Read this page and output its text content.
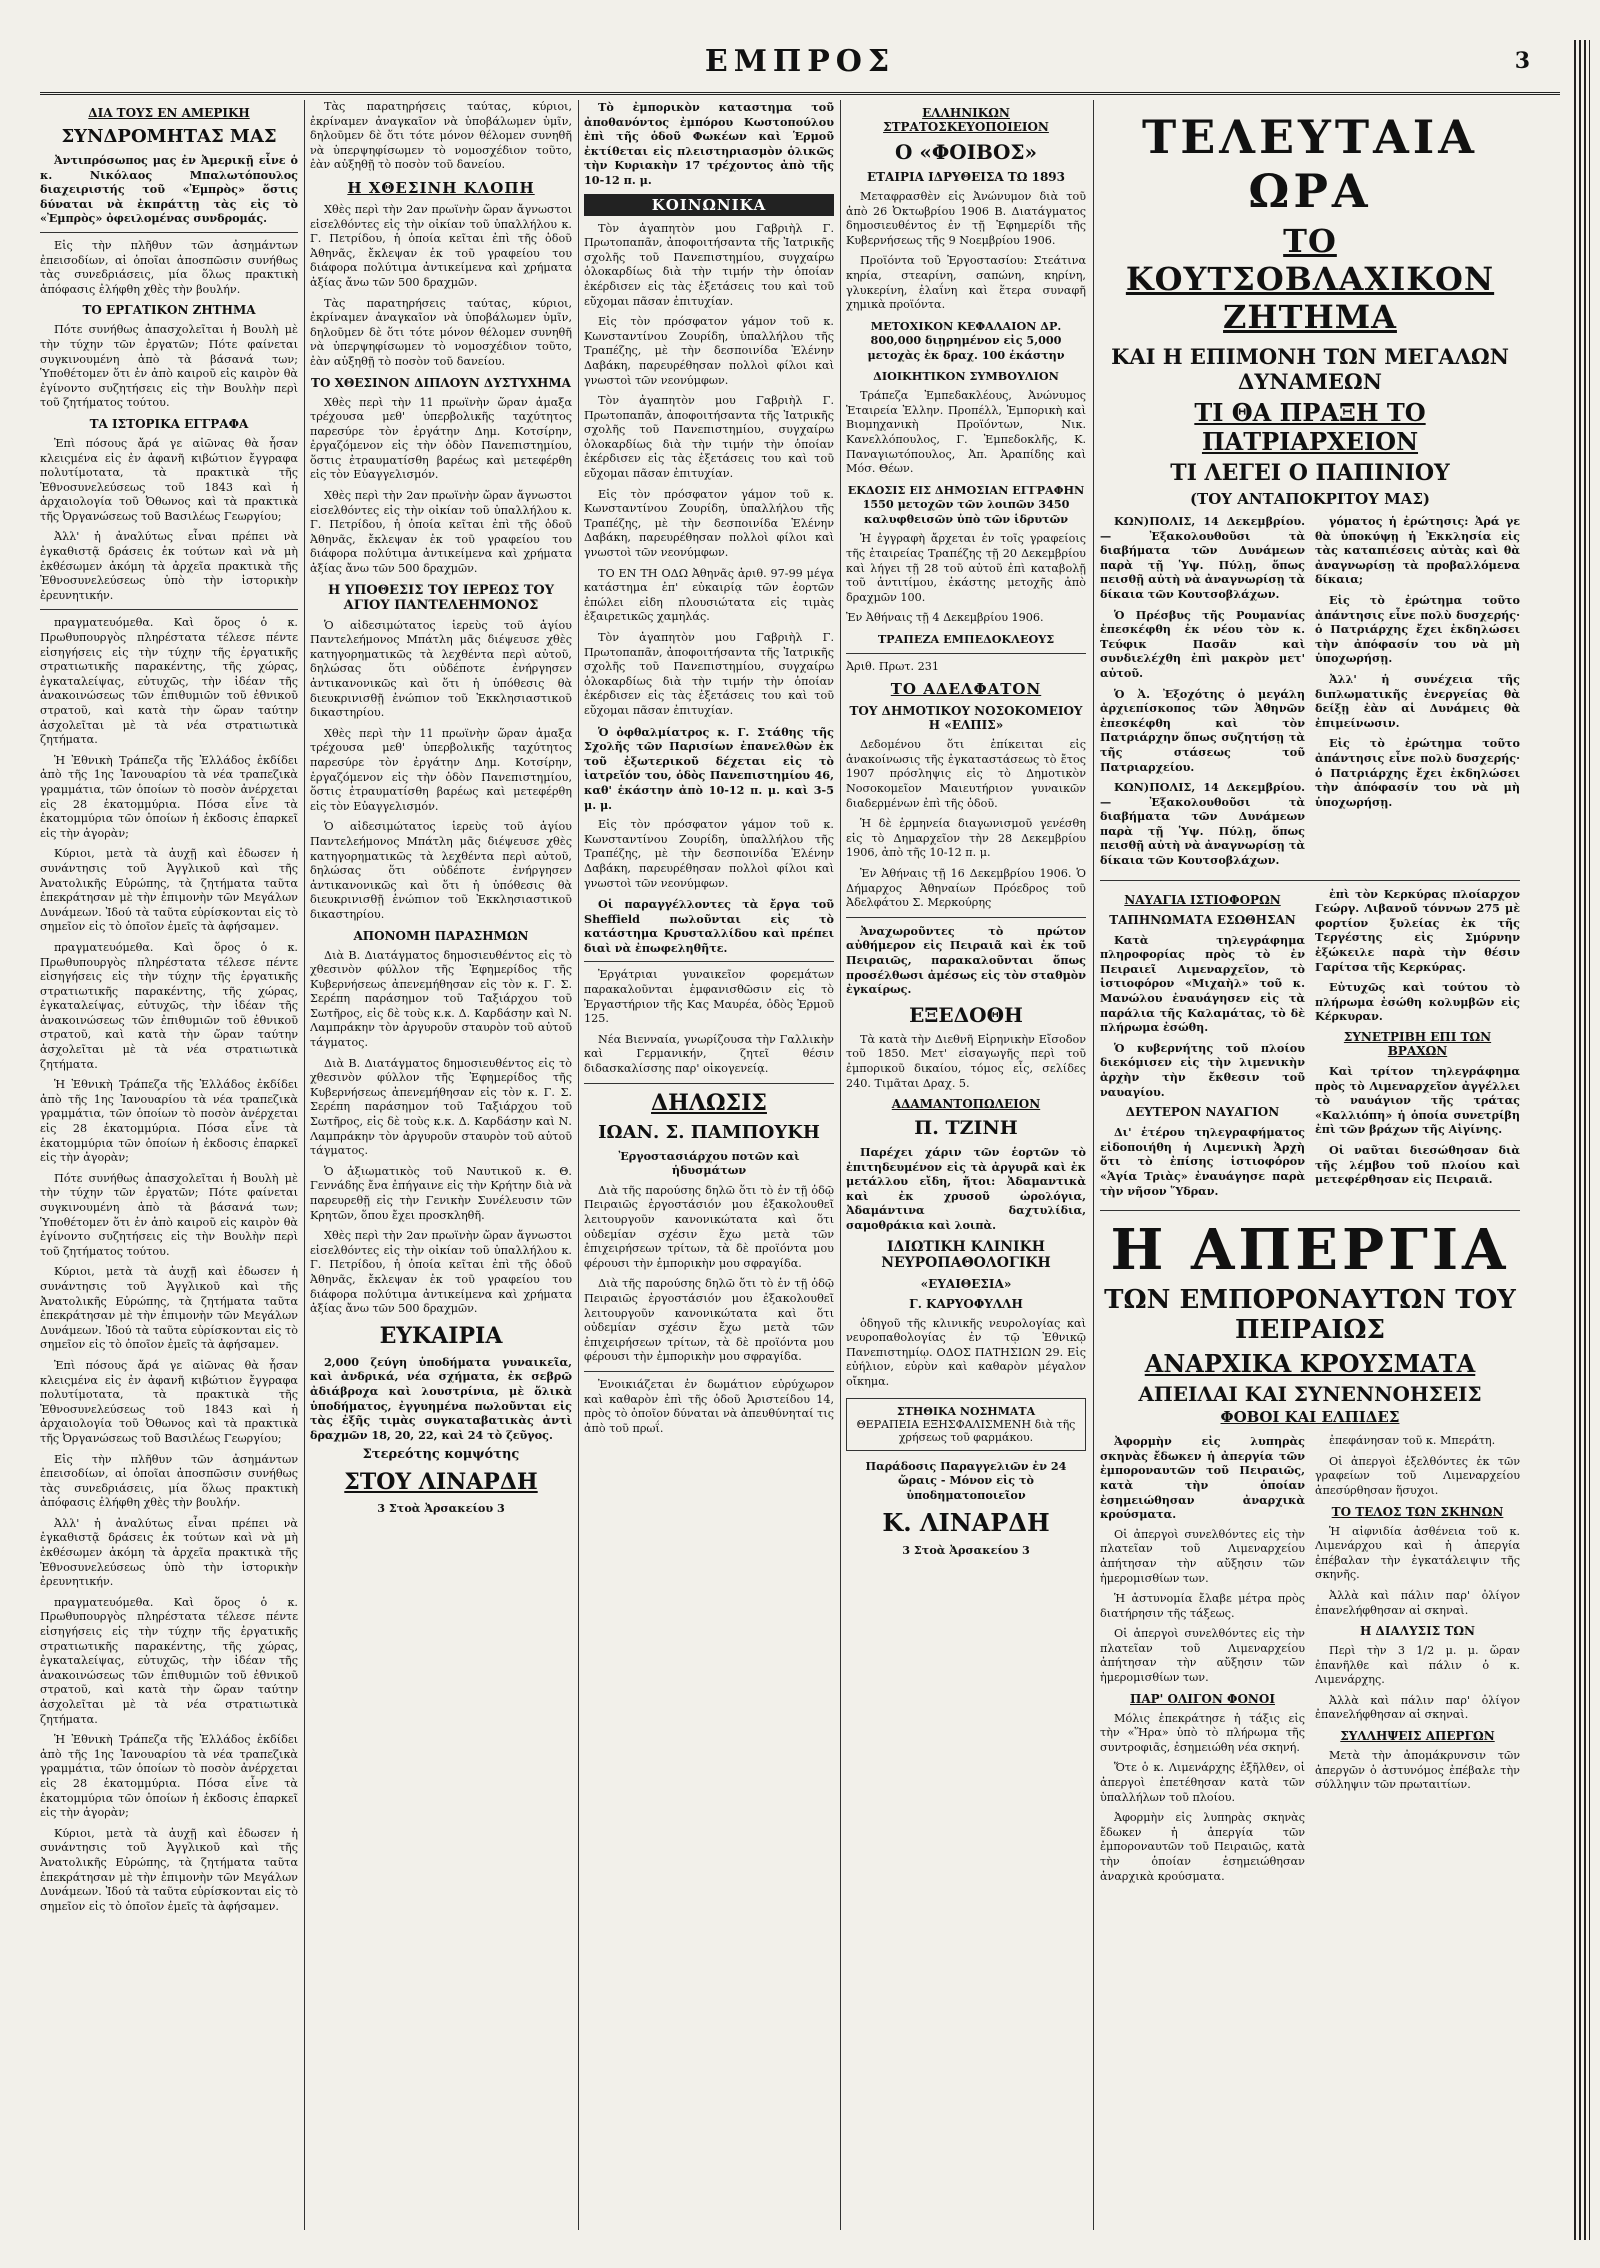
ΕΜΠΡΟΣ	3
ΔΙΑ ΤΟΥΣ ΕΝ ΑΜΕΡΙΚΗ
ΣΥΝΔΡΟΜΗΤΑΣ ΜΑΣ

Ἀντιπρόσωπος μας ἐν Ἀμερικῇ εἶνε ὁ κ. Νικόλαος Μπαλωτόπουλος διαχειριστής τοῦ «Ἐμπρὸς» ὅστις δύναται νὰ ἐκπράττῃ τὰς εἰς τὸ «Ἐμπρὸς» ὀφειλομένας συνδρομάς.

Εἰς τὴν πλῆθυν τῶν ἀσημάντων ἐπεισοδίων, αἱ ὁποῖαι ἀποσπῶσιν συνήθως τὰς συνεδριάσεις, μία ὅλως πρακτικὴ ἀπόφασις ἐλήφθη χθὲς τὴν βουλήν.

ΤΟ ΕΡΓΑΤΙΚΟΝ ΖΗΤΗΜΑ

Πότε συνήθως ἀπασχολεῖται ἡ Βουλὴ μὲ τὴν τύχην τῶν ἐργατῶν; Πότε φαίνεται συγκινουμένη ἀπὸ τὰ βάσανά των; Ὑποθέτομεν ὅτι ἐν ἀπὸ καιροῦ εἰς καιρὸν θὰ ἐγίνοντο συζητήσεις εἰς τὴν Βουλὴν περὶ τοῦ ζητήματος τούτου.

ΤΑ ΙΣΤΟΡΙΚΑ ΕΓΓΡΑΦΑ

Ἐπὶ πόσους ἄρά γε αἰῶνας θὰ ἦσαν κλειςμένα εἰς ἐν ἀφανῆ κιβώτιον ἔγγραφα πολυτίμοτατα, τὰ πρακτικὰ τῆς Ἐθνοσυνελεύσεως τοῦ 1843 καὶ ἡ ἀρχαιολογία τοῦ Ὀθωνος καὶ τὰ πρακτικὰ τῆς Ὀργανώσεως τοῦ Βασιλέως Γεωργίου;

Ἀλλ' ἡ ἀναλύτως εἶναι πρέπει νὰ ἐγκαθιστᾷ δράσεις ἐκ τούτων καὶ νὰ μὴ ἐκθέσωμεν ἀκόμη τὰ ἀρχεῖα πρακτικὰ τῆς Ἐθνοσυνελεύσεως ὑπὸ τὴν ἱστορικὴν ἐρευνητικήν.

πραγματευόμεθα. Καὶ ὅρος ὁ κ. Πρωθυπουργὸς πληρέστατα τέλεσε πέντε εἰσηγήσεις εἰς τὴν τύχην τῆς ἐργατικῆς στρατιωτικῆς παρακέντης, τῆς χώρας, ἐγκαταλείψας, εὐτυχῶς, τὴν ἰδέαν τῆς ἀνακοινώσεως τῶν ἐπιθυμιῶν τοῦ ἐθνικοῦ στρατοῦ, καὶ κατὰ τὴν ὥραν ταύτην ἀσχολεῖται μὲ τὰ νέα στρατιωτικὰ ζητήματα.

Ἡ Ἐθνικὴ Τράπεζα τῆς Ἑλλάδος ἐκδίδει ἀπὸ τῆς 1ης Ἰανουαρίου τὰ νέα τραπεζικὰ γραμμάτια, τῶν ὁποίων τὸ ποσὸν ἀνέρχεται εἰς 28 ἑκατομμύρια. Πόσα εἶνε τὰ ἑκατομμύρια τῶν ὁποίων ἡ ἐκδοσις ἐπαρκεῖ εἰς τὴν ἀγορὰν;

Κύριοι, μετὰ τὰ ἀυχῇ καὶ ἐδωσεν ἡ συνάντησις τοῦ Ἀγγλικοῦ καὶ τῆς Ἀνατολικῆς Εὐρώπης, τὰ ζητήματα ταῦτα ἐπεκράτησαν μὲ τὴν ἐπιμονὴν τῶν Μεγάλων Δυνάμεων. Ἰδού τὰ ταῦτα εὑρίσκονται εἰς τὸ σημεῖον εἰς τὸ ὁποῖον ἐμεῖς τὰ ἀφήσαμεν.

πραγματευόμεθα. Καὶ ὅρος ὁ κ. Πρωθυπουργὸς πληρέστατα τέλεσε πέντε εἰσηγήσεις εἰς τὴν τύχην τῆς ἐργατικῆς στρατιωτικῆς παρακέντης, τῆς χώρας, ἐγκαταλείψας, εὐτυχῶς, τὴν ἰδέαν τῆς ἀνακοινώσεως τῶν ἐπιθυμιῶν τοῦ ἐθνικοῦ στρατοῦ, καὶ κατὰ τὴν ὥραν ταύτην ἀσχολεῖται μὲ τὰ νέα στρατιωτικὰ ζητήματα.

Ἡ Ἐθνικὴ Τράπεζα τῆς Ἑλλάδος ἐκδίδει ἀπὸ τῆς 1ης Ἰανουαρίου τὰ νέα τραπεζικὰ γραμμάτια, τῶν ὁποίων τὸ ποσὸν ἀνέρχεται εἰς 28 ἑκατομμύρια. Πόσα εἶνε τὰ ἑκατομμύρια τῶν ὁποίων ἡ ἐκδοσις ἐπαρκεῖ εἰς τὴν ἀγορὰν;

Πότε συνήθως ἀπασχολεῖται ἡ Βουλὴ μὲ τὴν τύχην τῶν ἐργατῶν; Πότε φαίνεται συγκινουμένη ἀπὸ τὰ βάσανά των; Ὑποθέτομεν ὅτι ἐν ἀπὸ καιροῦ εἰς καιρὸν θὰ ἐγίνοντο συζητήσεις εἰς τὴν Βουλὴν περὶ τοῦ ζητήματος τούτου.

Κύριοι, μετὰ τὰ ἀυχῇ καὶ ἐδωσεν ἡ συνάντησις τοῦ Ἀγγλικοῦ καὶ τῆς Ἀνατολικῆς Εὐρώπης, τὰ ζητήματα ταῦτα ἐπεκράτησαν μὲ τὴν ἐπιμονὴν τῶν Μεγάλων Δυνάμεων. Ἰδού τὰ ταῦτα εὑρίσκονται εἰς τὸ σημεῖον εἰς τὸ ὁποῖον ἐμεῖς τὰ ἀφήσαμεν.

Ἐπὶ πόσους ἄρά γε αἰῶνας θὰ ἦσαν κλειςμένα εἰς ἐν ἀφανῆ κιβώτιον ἔγγραφα πολυτίμοτατα, τὰ πρακτικὰ τῆς Ἐθνοσυνελεύσεως τοῦ 1843 καὶ ἡ ἀρχαιολογία τοῦ Ὀθωνος καὶ τὰ πρακτικὰ τῆς Ὀργανώσεως τοῦ Βασιλέως Γεωργίου;

Εἰς τὴν πλῆθυν τῶν ἀσημάντων ἐπεισοδίων, αἱ ὁποῖαι ἀποσπῶσιν συνήθως τὰς συνεδριάσεις, μία ὅλως πρακτικὴ ἀπόφασις ἐλήφθη χθὲς τὴν βουλήν.

Ἀλλ' ἡ ἀναλύτως εἶναι πρέπει νὰ ἐγκαθιστᾷ δράσεις ἐκ τούτων καὶ νὰ μὴ ἐκθέσωμεν ἀκόμη τὰ ἀρχεῖα πρακτικὰ τῆς Ἐθνοσυνελεύσεως ὑπὸ τὴν ἱστορικὴν ἐρευνητικήν.

πραγματευόμεθα. Καὶ ὅρος ὁ κ. Πρωθυπουργὸς πληρέστατα τέλεσε πέντε εἰσηγήσεις εἰς τὴν τύχην τῆς ἐργατικῆς στρατιωτικῆς παρακέντης, τῆς χώρας, ἐγκαταλείψας, εὐτυχῶς, τὴν ἰδέαν τῆς ἀνακοινώσεως τῶν ἐπιθυμιῶν τοῦ ἐθνικοῦ στρατοῦ, καὶ κατὰ τὴν ὥραν ταύτην ἀσχολεῖται μὲ τὰ νέα στρατιωτικὰ ζητήματα.

Ἡ Ἐθνικὴ Τράπεζα τῆς Ἑλλάδος ἐκδίδει ἀπὸ τῆς 1ης Ἰανουαρίου τὰ νέα τραπεζικὰ γραμμάτια, τῶν ὁποίων τὸ ποσὸν ἀνέρχεται εἰς 28 ἑκατομμύρια. Πόσα εἶνε τὰ ἑκατομμύρια τῶν ὁποίων ἡ ἐκδοσις ἐπαρκεῖ εἰς τὴν ἀγορὰν;

Κύριοι, μετὰ τὰ ἀυχῇ καὶ ἐδωσεν ἡ συνάντησις τοῦ Ἀγγλικοῦ καὶ τῆς Ἀνατολικῆς Εὐρώπης, τὰ ζητήματα ταῦτα ἐπεκράτησαν μὲ τὴν ἐπιμονὴν τῶν Μεγάλων Δυνάμεων. Ἰδού τὰ ταῦτα εὑρίσκονται εἰς τὸ σημεῖον εἰς τὸ ὁποῖον ἐμεῖς τὰ ἀφήσαμεν.

Τὰς παρατηρήσεις ταύτας, κύριοι, ἐκρίναμεν ἀναγκαῖον νὰ ὑποβάλωμεν ὑμῖν, δηλοῦμεν δὲ ὅτι τότε μόνον θέλομεν συνηθῆ νὰ ὑπερψηφίσωμεν τὸ νομοσχέδιον τοῦτο, ἐὰν αὐξηθῇ τὸ ποσὸν τοῦ δανείου.

Η ΧΘΕΣΙΝΗ ΚΛΟΠΗ

Χθὲς περὶ τὴν 2αν πρωϊνὴν ὥραν ἄγνωστοι εἰσελθόντες εἰς τὴν οἰκίαν τοῦ ὑπαλλήλου κ. Γ. Πετρίδου, ἡ ὁποία κεῖται ἐπὶ τῆς ὁδοῦ Ἀθηνᾶς, ἔκλεψαν ἐκ τοῦ γραφείου του διάφορα πολύτιμα ἀντικείμενα καὶ χρήματα ἀξίας ἄνω τῶν 500 δραχμῶν.

Τὰς παρατηρήσεις ταύτας, κύριοι, ἐκρίναμεν ἀναγκαῖον νὰ ὑποβάλωμεν ὑμῖν, δηλοῦμεν δὲ ὅτι τότε μόνον θέλομεν συνηθῆ νὰ ὑπερψηφίσωμεν τὸ νομοσχέδιον τοῦτο, ἐὰν αὐξηθῇ τὸ ποσὸν τοῦ δανείου.

ΤΟ ΧΘΕΣΙΝΟΝ ΔΙΠΛΟΥΝ ΔΥΣΤΥΧΗΜΑ

Χθὲς περὶ τὴν 11 πρωϊνὴν ὥραν ἁμαξα τρέχουσα μεθ' ὑπερβολικῆς ταχύτητος παρεσύρε τὸν ἐργάτην Δημ. Κοτσίρην, ἐργαζόμενον εἰς τὴν ὁδὸν Πανεπιστημίου, ὅστις ἐτραυματίσθη βαρέως καὶ μετεφέρθη εἰς τὸν Εὐαγγελισμόν.

Χθὲς περὶ τὴν 2αν πρωϊνὴν ὥραν ἄγνωστοι εἰσελθόντες εἰς τὴν οἰκίαν τοῦ ὑπαλλήλου κ. Γ. Πετρίδου, ἡ ὁποία κεῖται ἐπὶ τῆς ὁδοῦ Ἀθηνᾶς, ἔκλεψαν ἐκ τοῦ γραφείου του διάφορα πολύτιμα ἀντικείμενα καὶ χρήματα ἀξίας ἄνω τῶν 500 δραχμῶν.

Η ΥΠΟΘΕΣΙΣ ΤΟΥ ΙΕΡΕΩΣ ΤΟΥ ΑΓΙΟΥ ΠΑΝΤΕΛΕΗΜΟΝΟΣ

Ὁ αἰδεσιμώτατος ἱερεὺς τοῦ ἁγίου Παντελεήμονος Μπάτλη μᾶς διέψευσε χθὲς κατηγορηματικῶς τὰ λεχθέντα περὶ αὐτοῦ, δηλώσας ὅτι οὐδέποτε ἐνήργησεν ἀντικανονικῶς καὶ ὅτι ἡ ὑπόθεσις θὰ διευκρινισθῇ ἐνώπιον τοῦ Ἐκκλησιαστικοῦ δικαστηρίου.

Χθὲς περὶ τὴν 11 πρωϊνὴν ὥραν ἁμαξα τρέχουσα μεθ' ὑπερβολικῆς ταχύτητος παρεσύρε τὸν ἐργάτην Δημ. Κοτσίρην, ἐργαζόμενον εἰς τὴν ὁδὸν Πανεπιστημίου, ὅστις ἐτραυματίσθη βαρέως καὶ μετεφέρθη εἰς τὸν Εὐαγγελισμόν.

Ὁ αἰδεσιμώτατος ἱερεὺς τοῦ ἁγίου Παντελεήμονος Μπάτλη μᾶς διέψευσε χθὲς κατηγορηματικῶς τὰ λεχθέντα περὶ αὐτοῦ, δηλώσας ὅτι οὐδέποτε ἐνήργησεν ἀντικανονικῶς καὶ ὅτι ἡ ὑπόθεσις θὰ διευκρινισθῇ ἐνώπιον τοῦ Ἐκκλησιαστικοῦ δικαστηρίου.

ΑΠΟΝΟΜΗ ΠΑΡΑΣΗΜΩΝ

Διὰ Β. Διατάγματος δημοσιευθέντος εἰς τὸ χθεσινὸν φύλλον τῆς Ἐφημερίδος τῆς Κυβερνήσεως ἀπενεμήθησαν εἰς τὸν κ. Γ. Σ. Σερέπη παράσημον τοῦ Ταξιάρχου τοῦ Σωτῆρος, εἰς δὲ τοὺς κ.κ. Δ. Καρδάσην καὶ Ν. Λαμπράκην τὸν ἀργυροῦν σταυρὸν τοῦ αὐτοῦ τάγματος.

Διὰ Β. Διατάγματος δημοσιευθέντος εἰς τὸ χθεσινὸν φύλλον τῆς Ἐφημερίδος τῆς Κυβερνήσεως ἀπενεμήθησαν εἰς τὸν κ. Γ. Σ. Σερέπη παράσημον τοῦ Ταξιάρχου τοῦ Σωτῆρος, εἰς δὲ τοὺς κ.κ. Δ. Καρδάσην καὶ Ν. Λαμπράκην τὸν ἀργυροῦν σταυρὸν τοῦ αὐτοῦ τάγματος.

Ὁ ἀξιωματικὸς τοῦ Ναυτικοῦ κ. Θ. Γεννάδης ἔνα ἐπήγαινε εἰς τὴν Κρήτην διὰ νὰ παρευρεθῇ εἰς τὴν Γενικὴν Συνέλευσιν τῶν Κρητῶν, ὅπου ἔχει προσκληθῆ.

Χθὲς περὶ τὴν 2αν πρωϊνὴν ὥραν ἄγνωστοι εἰσελθόντες εἰς τὴν οἰκίαν τοῦ ὑπαλλήλου κ. Γ. Πετρίδου, ἡ ὁποία κεῖται ἐπὶ τῆς ὁδοῦ Ἀθηνᾶς, ἔκλεψαν ἐκ τοῦ γραφείου του διάφορα πολύτιμα ἀντικείμενα καὶ χρήματα ἀξίας ἄνω τῶν 500 δραχμῶν.

ΕΥΚΑΙΡΙΑ

2,000 ζεύγη ὑποδήματα γυναικεῖα, καὶ ἀνδρικά, νέα σχήματα, ἐκ σεβρῶ ἀδιάβροχα καὶ λουστρίνια, μὲ ὅλικὰ ὑποδήματος, ἐγγυημένα πωλοῦνται εἰς τὰς ἑξῆς τιμὰς συγκαταβατικὰς ἀντὶ δραχμῶν 18, 20, 22, καὶ 24 τὸ ζεῦγος.

Στερεότης κομψότης

ΣΤΟΥ ΛΙΝΑΡΔΗ

3 Στοὰ Ἀρσακείου 3

Τὸ ἐμπορικὸν καταστημα τοῦ ἀποθανόντος ἐμπόρου Κωστοπούλου ἐπὶ τῆς ὁδοῦ Φωκέων καὶ Ἑρμοῦ ἐκτίθεται εἰς πλειστηριασμὸν ὁλικῶς τὴν Κυριακὴν 17 τρέχοντος ἀπὸ τῆς 10-12 π. μ.

ΚΟΙΝΩΝΙΚΑ

Τὸν ἀγαπητὸν μου Γαβριὴλ Γ. Πρωτοπαπᾶν, ἀποφοιτήσαντα τῆς Ἰατρικῆς σχολῆς τοῦ Πανεπιστημίου, συγχαίρω ὁλοκαρδίως διὰ τὴν τιμήν τὴν ὁποίαν ἐκέρδισεν εἰς τὰς ἐξετάσεις του καὶ τοῦ εὔχομαι πᾶσαν ἐπιτυχίαν.

Εἰς τὸν πρόσφατον γάμον τοῦ κ. Κωνσταντίνου Ζουρίδη, ὑπαλλήλου τῆς Τραπέζης, μὲ τὴν δεσποινίδα Ἑλένην Δαβάκη, παρευρέθησαν πολλοὶ φίλοι καὶ γνωστοὶ τῶν νεονύμφων.

Τὸν ἀγαπητὸν μου Γαβριὴλ Γ. Πρωτοπαπᾶν, ἀποφοιτήσαντα τῆς Ἰατρικῆς σχολῆς τοῦ Πανεπιστημίου, συγχαίρω ὁλοκαρδίως διὰ τὴν τιμήν τὴν ὁποίαν ἐκέρδισεν εἰς τὰς ἐξετάσεις του καὶ τοῦ εὔχομαι πᾶσαν ἐπιτυχίαν.

Εἰς τὸν πρόσφατον γάμον τοῦ κ. Κωνσταντίνου Ζουρίδη, ὑπαλλήλου τῆς Τραπέζης, μὲ τὴν δεσποινίδα Ἑλένην Δαβάκη, παρευρέθησαν πολλοὶ φίλοι καὶ γνωστοὶ τῶν νεονύμφων.

ΤΟ ΕΝ ΤΗ ΟΔΩ Ἀθηνᾶς ἀριθ. 97-99 μέγα κατάστημα ἐπ' εὐκαιρίᾳ τῶν ἑορτῶν ἐπώλει εἰδη πλουσιώτατα εἰς τιμὰς ἐξαιρετικῶς χαμηλάς.

Τὸν ἀγαπητὸν μου Γαβριὴλ Γ. Πρωτοπαπᾶν, ἀποφοιτήσαντα τῆς Ἰατρικῆς σχολῆς τοῦ Πανεπιστημίου, συγχαίρω ὁλοκαρδίως διὰ τὴν τιμήν τὴν ὁποίαν ἐκέρδισεν εἰς τὰς ἐξετάσεις του καὶ τοῦ εὔχομαι πᾶσαν ἐπιτυχίαν.

Ὁ ὀφθαλμίατρος κ. Γ. Στάθης τῆς Σχολῆς τῶν Παρισίων ἐπανελθὼν ἐκ τοῦ ἐξωτερικοῦ δέχεται εἰς τὸ ἰατρεῖόν του, ὁδὸς Πανεπιστημίου 46, καθ' ἑκάστην ἀπὸ 10-12 π. μ. καὶ 3-5 μ. μ.

Εἰς τὸν πρόσφατον γάμον τοῦ κ. Κωνσταντίνου Ζουρίδη, ὑπαλλήλου τῆς Τραπέζης, μὲ τὴν δεσποινίδα Ἑλένην Δαβάκη, παρευρέθησαν πολλοὶ φίλοι καὶ γνωστοὶ τῶν νεονύμφων.

Οἱ παραγγέλλοντες τὰ ἔργα τοῦ Sheffield πωλοῦνται εἰς τὸ κατάστημα Κρυσταλλίδου καὶ πρέπει διαὶ νὰ ἐπωφεληθῆτε.

Ἐργάτριαι γυναικεῖον φορεμάτων παρακαλοῦνται ἐμφανισθῶσιν εἰς τὸ Ἐργαστήριον τῆς Κας Μαυρέα, ὁδὸς Ἑρμοῦ 125.

Νέα Βιενναία, γνωρίζουσα τὴν Γαλλικὴν καὶ Γερμανικήν, ζητεῖ θέσιν διδασκαλίσσης παρ' οἰκογενείᾳ.

ΔΗΛΩΣΙΣ
ΙΩΑΝ. Σ. ΠΑΜΠΟΥΚΗ

Ἐργοστασιάρχου ποτῶν καὶ ἡδυσμάτων

Διὰ τῆς παρούσης δηλῶ ὅτι τὸ ἐν τῇ ὁδῷ Πειραιῶς ἐργοστάσιόν μου ἐξακολουθεῖ λειτουργοῦν κανονικώτατα καὶ ὅτι οὐδεμίαν σχέσιν ἔχω μετὰ τῶν ἐπιχειρήσεων τρίτων, τὰ δὲ προϊόντα μου φέρουσι τὴν ἐμπορικὴν μου σφραγίδα.

Διὰ τῆς παρούσης δηλῶ ὅτι τὸ ἐν τῇ ὁδῷ Πειραιῶς ἐργοστάσιόν μου ἐξακολουθεῖ λειτουργοῦν κανονικώτατα καὶ ὅτι οὐδεμίαν σχέσιν ἔχω μετὰ τῶν ἐπιχειρήσεων τρίτων, τὰ δὲ προϊόντα μου φέρουσι τὴν ἐμπορικὴν μου σφραγίδα.

Ἐνοικιάζεται ἐν δωμάτιον εὐρύχωρον καὶ καθαρὸν ἐπὶ τῆς ὁδοῦ Ἀριστείδου 14, πρὸς τὸ ὁποῖον δύναται νὰ ἀπευθύνηταί τις ἀπὸ τοῦ πρωΐ.

ΕΛΛΗΝΙΚΩΝ ΣΤΡΑΤΟΣΚΕΥΟΠΟΙΕΙΟΝ
Ο «ΦΟΙΒΟΣ»
ΕΤΑΙΡΙΑ ΙΔΡΥΘΕΙΣΑ ΤΩ 1893

Μεταφρασθὲν εἰς Ἀνώνυμον διὰ τοῦ ἀπὸ 26 Ὀκτωβρίου 1906 Β. Διατάγματος δημοσιευθέντος ἐν τῇ Ἐφημερίδι τῆς Κυβερνήσεως τῆς 9 Νοεμβρίου 1906.

Προϊόντα τοῦ Ἐργοστασίου: Στεάτινα κηρία, στεαρίνη, σαπώνη, κηρίνη, γλυκερίνη, ἐλαΐνη καὶ ἕτερα συναφῆ χημικὰ προϊόντα.

ΜΕΤΟΧΙΚΟΝ ΚΕΦΑΛΑΙΟΝ ΔΡ. 800,000 διῃρημένον εἰς 5,000 μετοχὰς ἐκ δραχ. 100 ἑκάστην

ΔΙΟΙΚΗΤΙΚΟΝ ΣΥΜΒΟΥΛΙΟΝ

Τράπεζα Ἐμπεδακλέους, Ἀνώνυμος Ἑταιρεία Ἑλλην. Προπέλλ, Ἐμπορικὴ καὶ Βιομηχανικὴ Προϊόντων, Νικ. Κανελλόπουλος, Γ. Ἐμπεδοκλῆς, Κ. Παναγιωτόπουλος, Ἀπ. Ἀραπίδης καὶ Μόσ. Θέων.

ΕΚΔΟΣΙΣ ΕΙΣ ΔΗΜΟΣΙΑΝ ΕΓΓΡΑΦΗΝ 1550 μετοχῶν τῶν λοιπῶν 3450 καλυφθεισῶν ὑπὸ τῶν ἱδρυτῶν

Ἡ ἐγγραφὴ ἄρχεται ἐν τοῖς γραφείοις τῆς ἐταιρείας Τραπέζης τῇ 20 Δεκεμβρίου καὶ λήγει τῇ 28 τοῦ αὐτοῦ ἐπὶ καταβολῇ τοῦ ἀντιτίμου, ἐκάστης μετοχῆς ἀπὸ δραχμῶν 100.

Ἐν Ἀθήναις τῇ 4 Δεκεμβρίου 1906.

ΤΡΑΠΕΖΑ ΕΜΠΕΔΟΚΛΕΟΥΣ

Ἀριθ. Πρωτ. 231

ΤΟ ΑΔΕΛΦΑΤΟΝ
ΤΟΥ ΔΗΜΟΤΙΚΟΥ ΝΟΣΟΚΟΜΕΙΟΥ Η «ΕΛΠΙΣ»

Δεδομένου ὅτι ἐπίκειται εἰς ἀνακοίνωσις τῆς ἐγκαταστάσεως τὸ ἔτος 1907 πρόσληψις εἰς τὸ Δημοτικὸν Νοσοκομεῖον Μαιευτήριον γυναικῶν διαδερμένων ἐπὶ τῆς ὁδοῦ.

Ἡ δὲ ἑρμηνεία διαγωνισμοῦ γενέσθη εἰς τὸ Δημαρχεῖον τὴν 28 Δεκεμβρίου 1906, ἀπὸ τῆς 10-12 π. μ.

Ἐν Ἀθήναις τῇ 16 Δεκεμβρίου 1906. Ὁ Δήμαρχος Ἀθηναίων Πρόεδρος τοῦ Ἀδελφάτου Σ. Μερκούρης

Ἀναχωροῦντες τὸ πρώτον αὐθήμερον εἰς Πειραιᾶ καὶ ἐκ τοῦ Πειραιῶς, παρακαλοῦνται ὅπως προσέλθωσι ἀμέσως εἰς τὸν σταθμὸν ἐγκαίρως.

ΕΞΕΔΟΘΗ

Τὰ κατὰ τὴν Διεθνῆ Εἰρηνικὴν Εἴσοδον τοῦ 1850. Μετ' εἰσαγωγῆς περὶ τοῦ ἐμπορικοῦ δικαίου, τόμος εἷς, σελίδες 240. Τιμᾶται Δραχ. 5.

ΑΔΑΜΑΝΤΟΠΩΛΕΙΟΝ
Π. ΤΖΙΝΗ

Παρέχει χάριν τῶν ἑορτῶν τὸ ἐπιτηδευμένον εἰς τὰ ἀργυρᾶ καὶ ἐκ μετάλλου εἴδη, ἤτοι: Ἀδαμαντικὰ καὶ ἐκ χρυσοῦ ὡρολόγια, Ἀδαμάντινα δαχτυλίδια, σαμοθράκια καὶ λοιπὰ.

ΙΔΙΩΤΙΚΗ ΚΛΙΝΙΚΗ ΝΕΥΡΟΠΑΘΟΛΟΓΙΚΗ
«ΕΥΑΙΘΕΣΙΑ»
Γ. ΚΑΡΥΟΦΥΛΛΗ

ὁδηγοῦ τῆς κλινικῆς νευρολογίας καὶ νευροπαθολογίας ἐν τῷ Ἐθνικῷ Πανεπιστημίῳ. ΟΔΟΣ ΠΑΤΗΣΙΩΝ 29. Εἰς εὐήλιον, εὐρὺν καὶ καθαρὸν μέγαλον οἴκημα.

ΣΤΗΘΙΚΑ ΝΟΣΗΜΑΤΑ
ΘΕΡΑΠΕΙΑ ΕΞΗΣΦΑΛΙΣΜΕΝΗ διὰ τῆς χρήσεως τοῦ φαρμάκου.

Παράδοσις Παραγγελιῶν ἐν 24 ὥραις - Μόνον εἰς τὸ ὑποδηματοποιεῖον

Κ. ΛΙΝΑΡΔΗ

3 Στοὰ Ἀρσακείου 3

ΤΕΛΕΥΤΑΙΑ ΩΡΑ
ΤΟ ΚΟΥΤΣΟΒΛΑΧΙΚΟΝ ΖΗΤΗΜΑ
ΚΑΙ Η ΕΠΙΜΟΝΗ ΤΩΝ ΜΕΓΑΛΩΝ ΔΥΝΑΜΕΩΝ
ΤΙ ΘΑ ΠΡΑΞΗ ΤΟ ΠΑΤΡΙΑΡΧΕΙΟΝ
ΤΙ ΛΕΓΕΙ Ο ΠΑΠΙΝΙΟΥ
(ΤΟΥ ΑΝΤΑΠΟΚΡΙΤΟΥ ΜΑΣ)

ΚΩΝ)ΠΟΛΙΣ, 14 Δεκεμβρίου. — Ἐξακολουθοῦσι τὰ διαβήματα τῶν Δυνάμεων παρὰ τῇ Ὑψ. Πύλῃ, ὅπως πεισθῇ αὐτὴ νὰ ἀναγνωρίσῃ τὰ δίκαια τῶν Κουτσοβλάχων.

Ὁ Πρέσβυς τῆς Ρουμανίας ἐπεσκέφθη ἐκ νέου τὸν κ. Τεύφικ Πασᾶν καὶ συνδιελέχθη ἐπὶ μακρὸν μετ' αὐτοῦ.

Ὁ Ἀ. Ἐξοχότης ὁ μεγάλη ἀρχιεπίσκοπος τῶν Ἀθηνῶν ἐπεσκέφθη καὶ τὸν Πατριάρχην ὅπως συζητήσῃ τὰ τῆς στάσεως τοῦ Πατριαρχείου.

ΚΩΝ)ΠΟΛΙΣ, 14 Δεκεμβρίου. — Ἐξακολουθοῦσι τὰ διαβήματα τῶν Δυνάμεων παρὰ τῇ Ὑψ. Πύλῃ, ὅπως πεισθῇ αὐτὴ νὰ ἀναγνωρίσῃ τὰ δίκαια τῶν Κουτσοβλάχων.

γόματος ἡ ἐρώτησις: Ἀρά γε θὰ ὑποκύψῃ ἡ Ἐκκλησία εἰς τὰς καταπιέσεις αὐτὰς καὶ θὰ ἀναγνωρίσῃ τὰ προβαλλόμενα δίκαια;

Εἰς τὸ ἐρώτημα τοῦτο ἀπάντησις εἶνε πολὺ δυσχερής· ὁ Πατριάρχης ἔχει ἐκδηλώσει τὴν ἀπόφασίν του νὰ μὴ ὑποχωρήσῃ.

Ἀλλ' ἡ συνέχεια τῆς διπλωματικῆς ἐνεργείας θὰ δείξῃ ἐὰν αἱ Δυνάμεις θὰ ἐπιμείνωσιν.

Εἰς τὸ ἐρώτημα τοῦτο ἀπάντησις εἶνε πολὺ δυσχερής· ὁ Πατριάρχης ἔχει ἐκδηλώσει τὴν ἀπόφασίν του νὰ μὴ ὑποχωρήσῃ.

ΝΑΥΑΓΙΑ ΙΣΤΙΟΦΟΡΩΝ
ΤΑΠΗΝΩΜΑΤΑ ΕΣΩΘΗΣΑΝ

Κατὰ τηλεγράφημα πληροφορίας πρὸς τὸ ἐν Πειραιεῖ Λιμεναρχεῖον, τὸ ἱστιοφόρον «Μιχαὴλ» τοῦ κ. Μανώλου ἐναυάγησεν εἰς τὰ παράλια τῆς Καλαμάτας, τὸ δὲ πλήρωμα ἐσώθη.

Ὁ κυβερνήτης τοῦ πλοίου διεκόμισεν εἰς τὴν λιμενικὴν ἀρχὴν τὴν ἔκθεσιν τοῦ ναυαγίου.

ΔΕΥΤΕΡΟΝ ΝΑΥΑΓΙΟΝ

Δι' ἑτέρου τηλεγραφήματος εἰδοποιήθη ἡ Λιμενικὴ Ἀρχὴ ὅτι τὸ ἐπίσης ἱστιοφόρον «Ἁγία Τριὰς» ἐναυάγησε παρὰ τὴν νῆσον Ὕδραν.

ἐπὶ τὸν Κερκύρας πλοίαρχον Γεώργ. Λιβανοῦ τόννων 275 μὲ φορτίον ξυλείας ἐκ τῆς Τεργέστης εἰς Σμύρνην ἐξώκειλε παρὰ τὴν θέσιν Γαρίτσα τῆς Κερκύρας.

Εὐτυχῶς καὶ τούτου τὸ πλήρωμα ἐσώθη κολυμβῶν εἰς Κέρκυραν.

ΣΥΝΕΤΡΙΒΗ ΕΠΙ ΤΩΝ ΒΡΑΧΩΝ

Καὶ τρίτον τηλεγράφημα πρὸς τὸ Λιμεναρχεῖον ἀγγέλλει τὸ ναυάγιον τῆς τράτας «Καλλιόπη» ἡ ὁποία συνετρίβη ἐπὶ τῶν βράχων τῆς Αἰγίνης.

Οἱ ναῦται διεσώθησαν διὰ τῆς λέμβου τοῦ πλοίου καὶ μετεφέρθησαν εἰς Πειραιᾶ.

Η ΑΠΕΡΓΙΑ
ΤΩΝ ΕΜΠΟΡΟΝΑΥΤΩΝ ΤΟΥ ΠΕΙΡΑΙΩΣ
ΑΝΑΡΧΙΚΑ ΚΡΟΥΣΜΑΤΑ
ΑΠΕΙΛΑΙ ΚΑΙ ΣΥΝΕΝΝΟΗΣΕΙΣ
ΦΟΒΟΙ ΚΑΙ ΕΛΠΙΔΕΣ

Ἀφορμὴν εἰς λυπηρὰς σκηνὰς ἔδωκεν ἡ ἀπεργία τῶν ἐμποροναυτῶν τοῦ Πειραιῶς, κατὰ τὴν ὁποίαν ἐσημειώθησαν ἀναρχικὰ κρούσματα.

Οἱ ἀπεργοὶ συνελθόντες εἰς τὴν πλατεῖαν τοῦ Λιμεναρχείου ἀπήτησαν τὴν αὔξησιν τῶν ἡμερομισθίων των.

Ἡ ἀστυνομία ἔλαβε μέτρα πρὸς διατήρησιν τῆς τάξεως.

Οἱ ἀπεργοὶ συνελθόντες εἰς τὴν πλατεῖαν τοῦ Λιμεναρχείου ἀπήτησαν τὴν αὔξησιν τῶν ἡμερομισθίων των.

ΠΑΡ' ΟΛΙΓΟΝ ΦΟΝΟΙ

Μόλις ἐπεκράτησε ἡ τάξις εἰς τὴν «Ἥρα» ὑπὸ τὸ πλήρωμα τῆς συντροφιᾶς, ἐσημειώθη νέα σκηνή.

Ὅτε ὁ κ. Λιμενάρχης ἐξῆλθεν, οἱ ἀπεργοὶ ἐπετέθησαν κατὰ τῶν ὑπαλλήλων τοῦ πλοίου.

Ἀφορμὴν εἰς λυπηρὰς σκηνὰς ἔδωκεν ἡ ἀπεργία τῶν ἐμποροναυτῶν τοῦ Πειραιῶς, κατὰ τὴν ὁποίαν ἐσημειώθησαν ἀναρχικὰ κρούσματα.

ἐπεφάνησαν τοῦ κ. Μπεράτη.

Οἱ ἀπεργοὶ ἐξελθόντες ἐκ τῶν γραφείων τοῦ Λιμεναρχείου ἀπεσύρθησαν ἥσυχοι.

ΤΟ ΤΕΛΟΣ ΤΩΝ ΣΚΗΝΩΝ

Ἡ αἰφνιδία ἀσθένεια τοῦ κ. Λιμενάρχου καὶ ἡ ἀπεργία ἐπέβαλαν τὴν ἐγκατάλειψιν τῆς σκηνῆς.

Ἀλλὰ καὶ πάλιν παρ' ὀλίγον ἐπανελήφθησαν αἱ σκηναὶ.

Η ΔΙΑΛΥΣΙΣ ΤΩΝ

Περὶ τὴν 3 1/2 μ. μ. ὥραν ἐπανῆλθε καὶ πάλιν ὁ κ. Λιμενάρχης.

Ἀλλὰ καὶ πάλιν παρ' ὀλίγον ἐπανελήφθησαν αἱ σκηναὶ.

ΣΥΛΛΗΨΕΙΣ ΑΠΕΡΓΩΝ

Μετὰ τὴν ἀπομάκρυνσιν τῶν ἀπεργῶν ὁ ἀστυνόμος ἐπέβαλε τὴν σύλληψιν τῶν πρωταιτίων.
